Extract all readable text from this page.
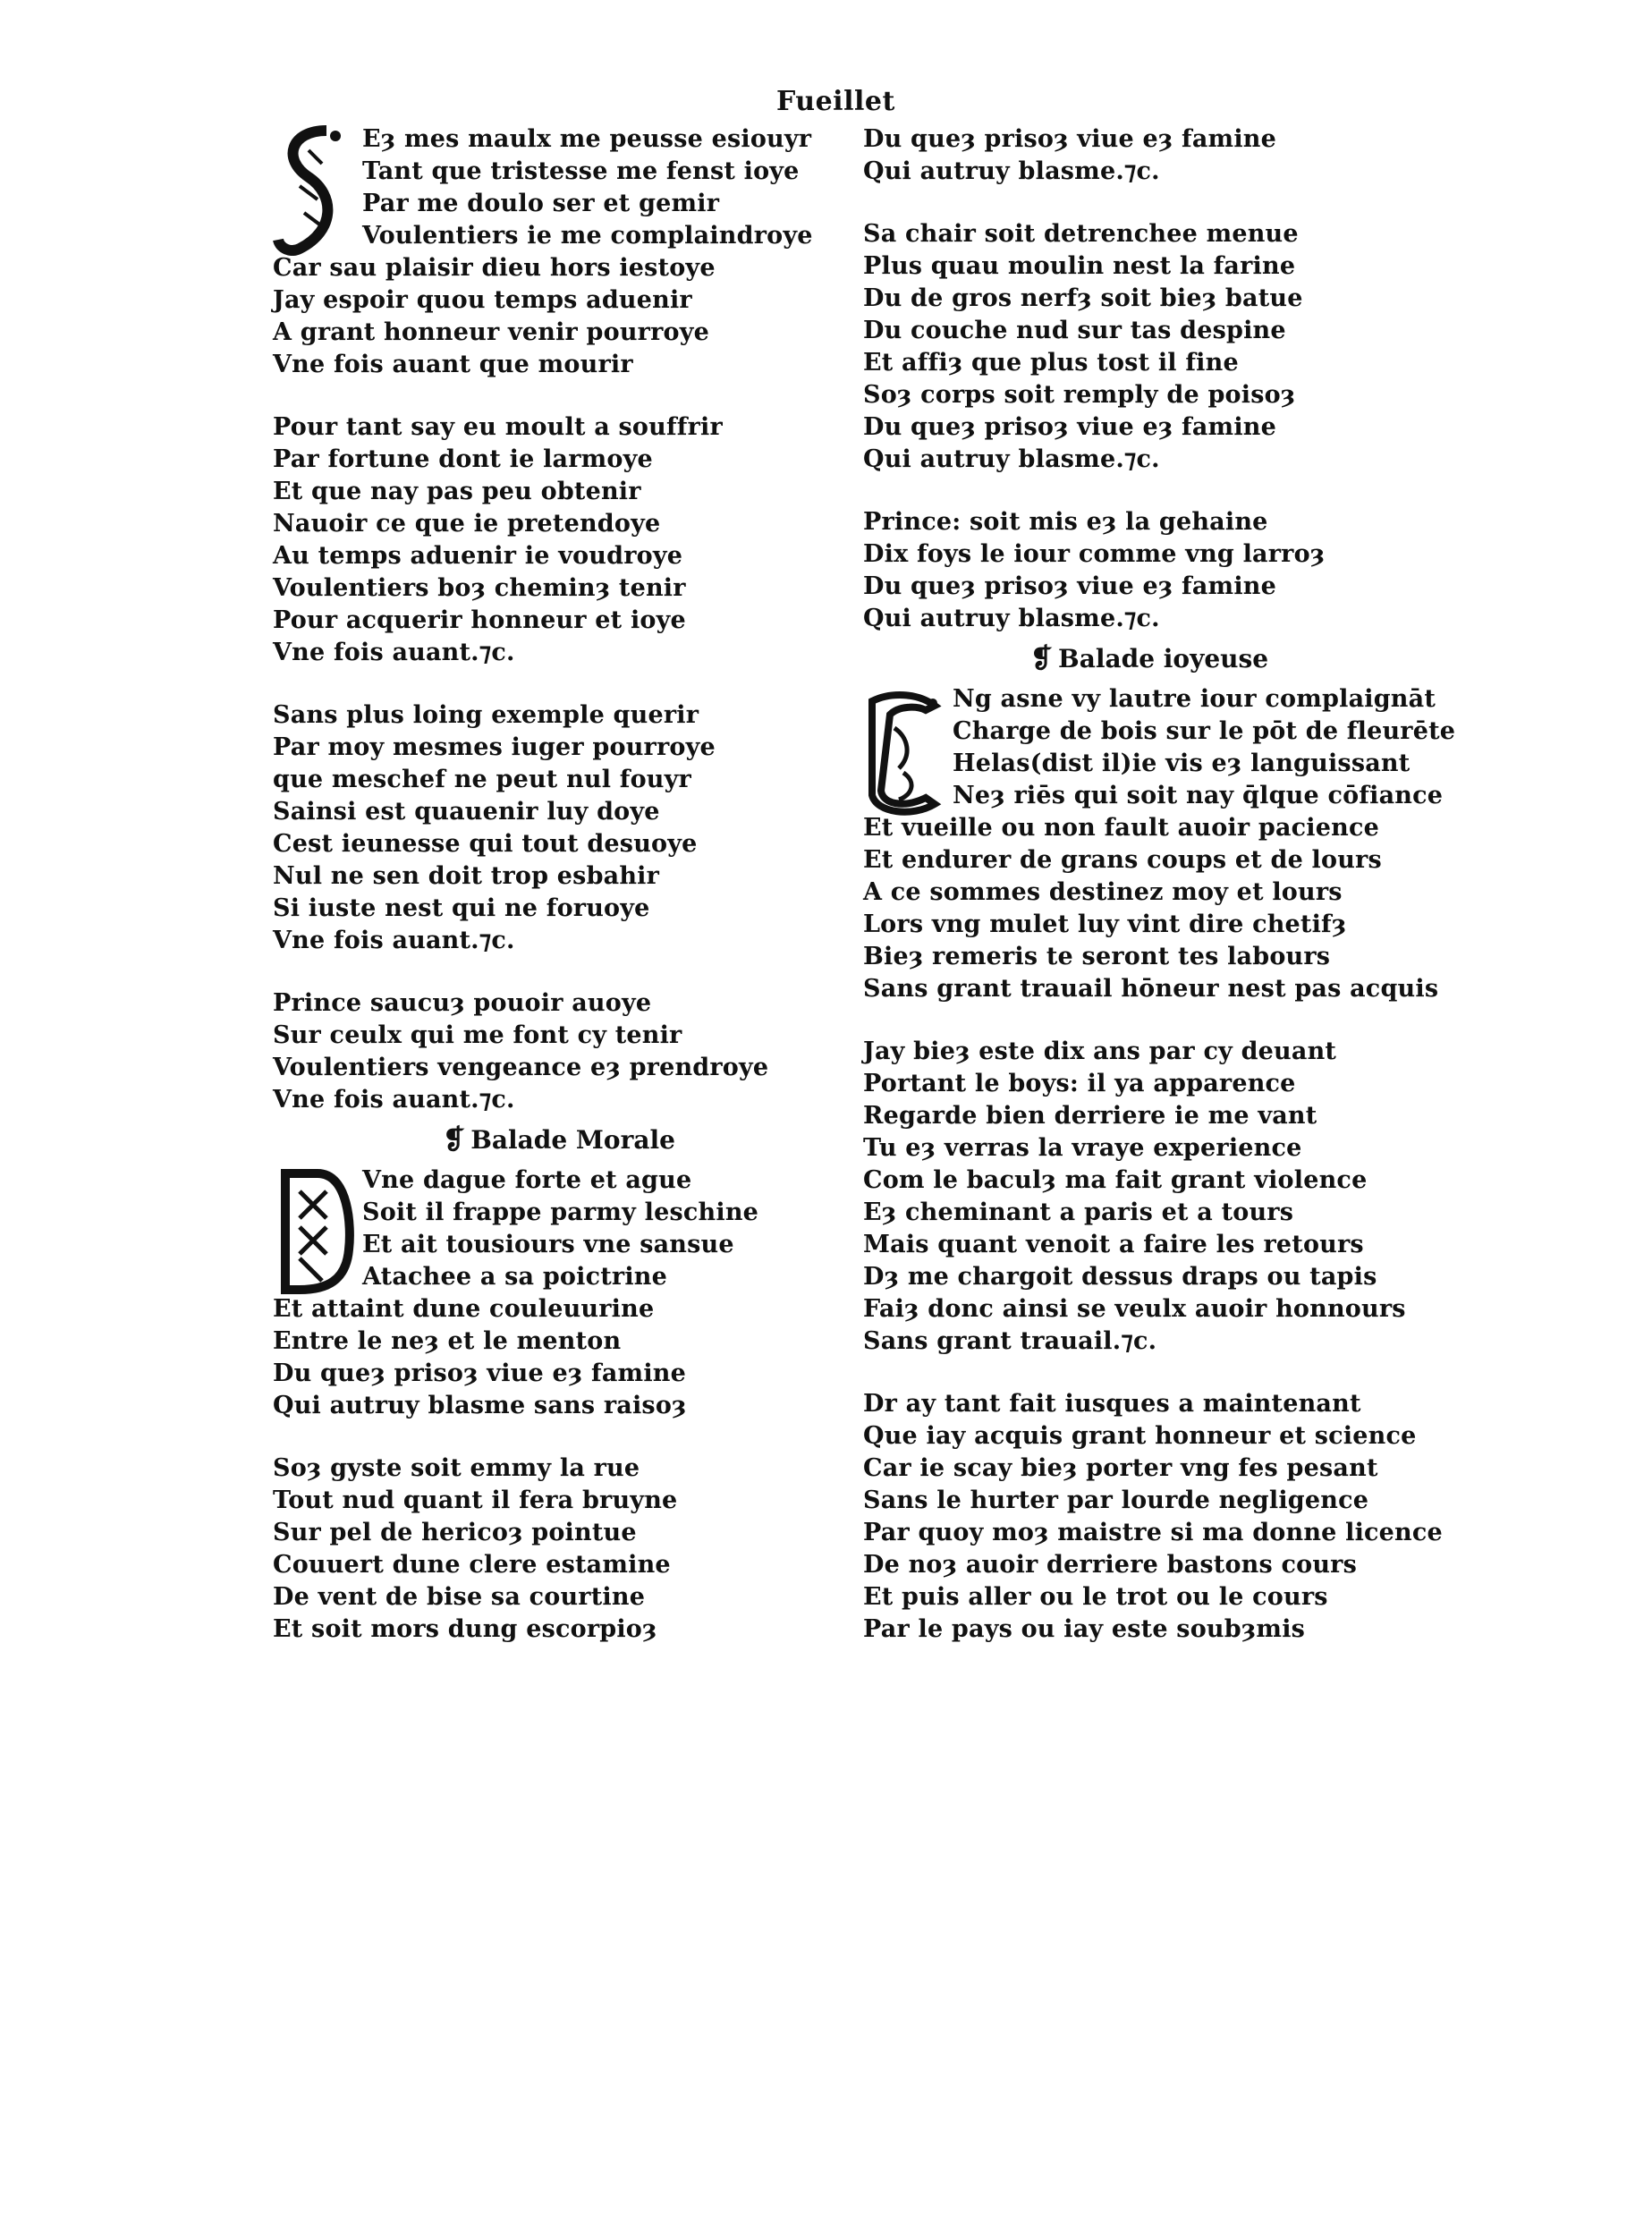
Fueillet
Eȝ mes maulx me peusse esiouyr
Tant que tristesse me fenst ioye
Par me doulo ser et gemir
Voulentiers ie me complaindroye
Car sau plaisir dieu hors iestoye
Jay espoir quou temps aduenir
A grant honneur venir pourroye
Vne fois auant que mourir
Pour tant say eu moult a souffrir
Par fortune dont ie larmoye
Et que nay pas peu obtenir
Nauoir ce que ie pretendoye
Au temps aduenir ie voudroye
Voulentiers boȝ cheminȝ tenir
Pour acquerir honneur et ioye
Vne fois auant.⁊c.
Sans plus loing exemple querir
Par moy mesmes iuger pourroye
que meschef ne peut nul fouyr
Sainsi est quauenir luy doye
Cest ieunesse qui tout desuoye
Nul ne sen doit trop esbahir
Si iuste nest qui ne foruoye
Vne fois auant.⁊c.
Prince saucuȝ pouoir auoye
Sur ceulx qui me font cy tenir
Voulentiers vengeance eȝ prendroye
Vne fois auant.⁊c.
❡ Balade Morale
Vne dague forte et ague
Soit il frappe parmy leschine
Et ait tousiours vne sansue
Atachee a sa poictrine
Et attaint dune couleuurine
Entre le neȝ et le menton
Du queȝ prisoȝ viue eȝ famine
Qui autruy blasme sans raisoȝ
Soȝ gyste soit emmy la rue
Tout nud quant il fera bruyne
Sur pel de hericoȝ pointue
Couuert dune clere estamine
De vent de bise sa courtine
Et soit mors dung escorpioȝ
Du queȝ prisoȝ viue eȝ famine
Qui autruy blasme.⁊c.
Sa chair soit detrenchee menue
Plus quau moulin nest la farine
Du de gros nerfȝ soit bieȝ batue
Du couche nud sur tas despine
Et affiȝ que plus tost il fine
Soȝ corps soit remply de poisoȝ
Du queȝ prisoȝ viue eȝ famine
Qui autruy blasme.⁊c.
Prince: soit mis eȝ la gehaine
Dix foys le iour comme vng larroȝ
Du queȝ prisoȝ viue eȝ famine
Qui autruy blasme.⁊c.
❡ Balade ioyeuse
Ng asne vy lautre iour complaignāt
Charge de bois sur le pōt de fleurēte
Helas(dist il)ie vis eȝ languissant
Neȝ riēs qui soit nay q̄lque cōfiance
Et vueille ou non fault auoir pacience
Et endurer de grans coups et de lours
A ce sommes destinez moy et lours
Lors vng mulet luy vint dire chetifȝ
Bieȝ remeris te seront tes labours
Sans grant trauail hōneur nest pas acquis
Jay bieȝ este dix ans par cy deuant
Portant le boys: il ya apparence
Regarde bien derriere ie me vant
Tu eȝ verras la vraye experience
Com le baculȝ ma fait grant violence
Eȝ cheminant a paris et a tours
Mais quant venoit a faire les retours
Dȝ me chargoit dessus draps ou tapis
Faiȝ donc ainsi se veulx auoir honnours
Sans grant trauail.⁊c.
Dr ay tant fait iusques a maintenant
Que iay acquis grant honneur et science
Car ie scay bieȝ porter vng fes pesant
Sans le hurter par lourde negligence
Par quoy moȝ maistre si ma donne licence
De noȝ auoir derriere bastons cours
Et puis aller ou le trot ou le cours
Par le pays ou iay este soubȝmis
